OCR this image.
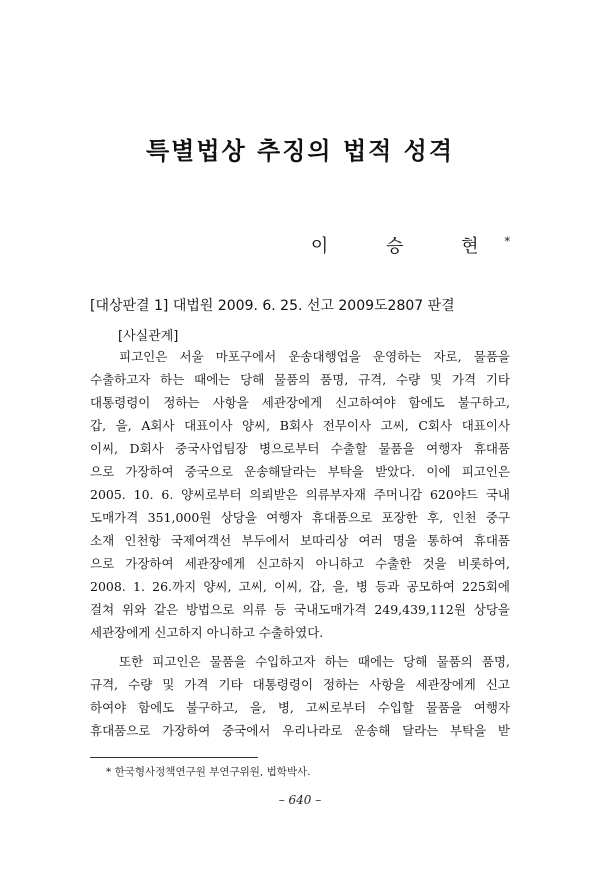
특별법상 추징의 법적 성격
이 승 현*
[대상판결 1] 대법원 2009. 6. 25. 선고 2009도2807 판결
[사실관계]
피고인은 서울 마포구에서 운송대행업을 운영하는 자로, 물품을
수출하고자 하는 때에는 당해 물품의 품명, 규격, 수량 및 가격 기타
대통령령이 정하는 사항을 세관장에게 신고하여야 함에도 불구하고,
갑, 을, A회사 대표이사 양씨, B회사 전무이사 고씨, C회사 대표이사
이씨, D회사 중국사업팀장 병으로부터 수출할 물품을 여행자 휴대품
으로 가장하여 중국으로 운송해달라는 부탁을 받았다. 이에 피고인은
2005. 10. 6. 양씨로부터 의뢰받은 의류부자재 주머니감 620야드 국내
도매가격 351,000원 상당을 여행자 휴대품으로 포장한 후, 인천 중구
소재 인천항 국제여객선 부두에서 보따리상 여러 명을 통하여 휴대품
으로 가장하여 세관장에게 신고하지 아니하고 수출한 것을 비롯하여,
2008. 1. 26.까지 양씨, 고씨, 이씨, 갑, 을, 병 등과 공모하여 225회에
걸쳐 위와 같은 방법으로 의류 등 국내도매가격 249,439,112원 상당을
세관장에게 신고하지 아니하고 수출하였다.
또한 피고인은 물품을 수입하고자 하는 때에는 당해 물품의 품명,
규격, 수량 및 가격 기타 대통령령이 정하는 사항을 세관장에게 신고
하여야 함에도 불구하고, 을, 병, 고씨로부터 수입할 물품을 여행자
휴대품으로 가장하여 중국에서 우리나라로 운송해 달라는 부탁을 받
* 한국형사정책연구원 부연구위원, 법학박사.
– 640 –
